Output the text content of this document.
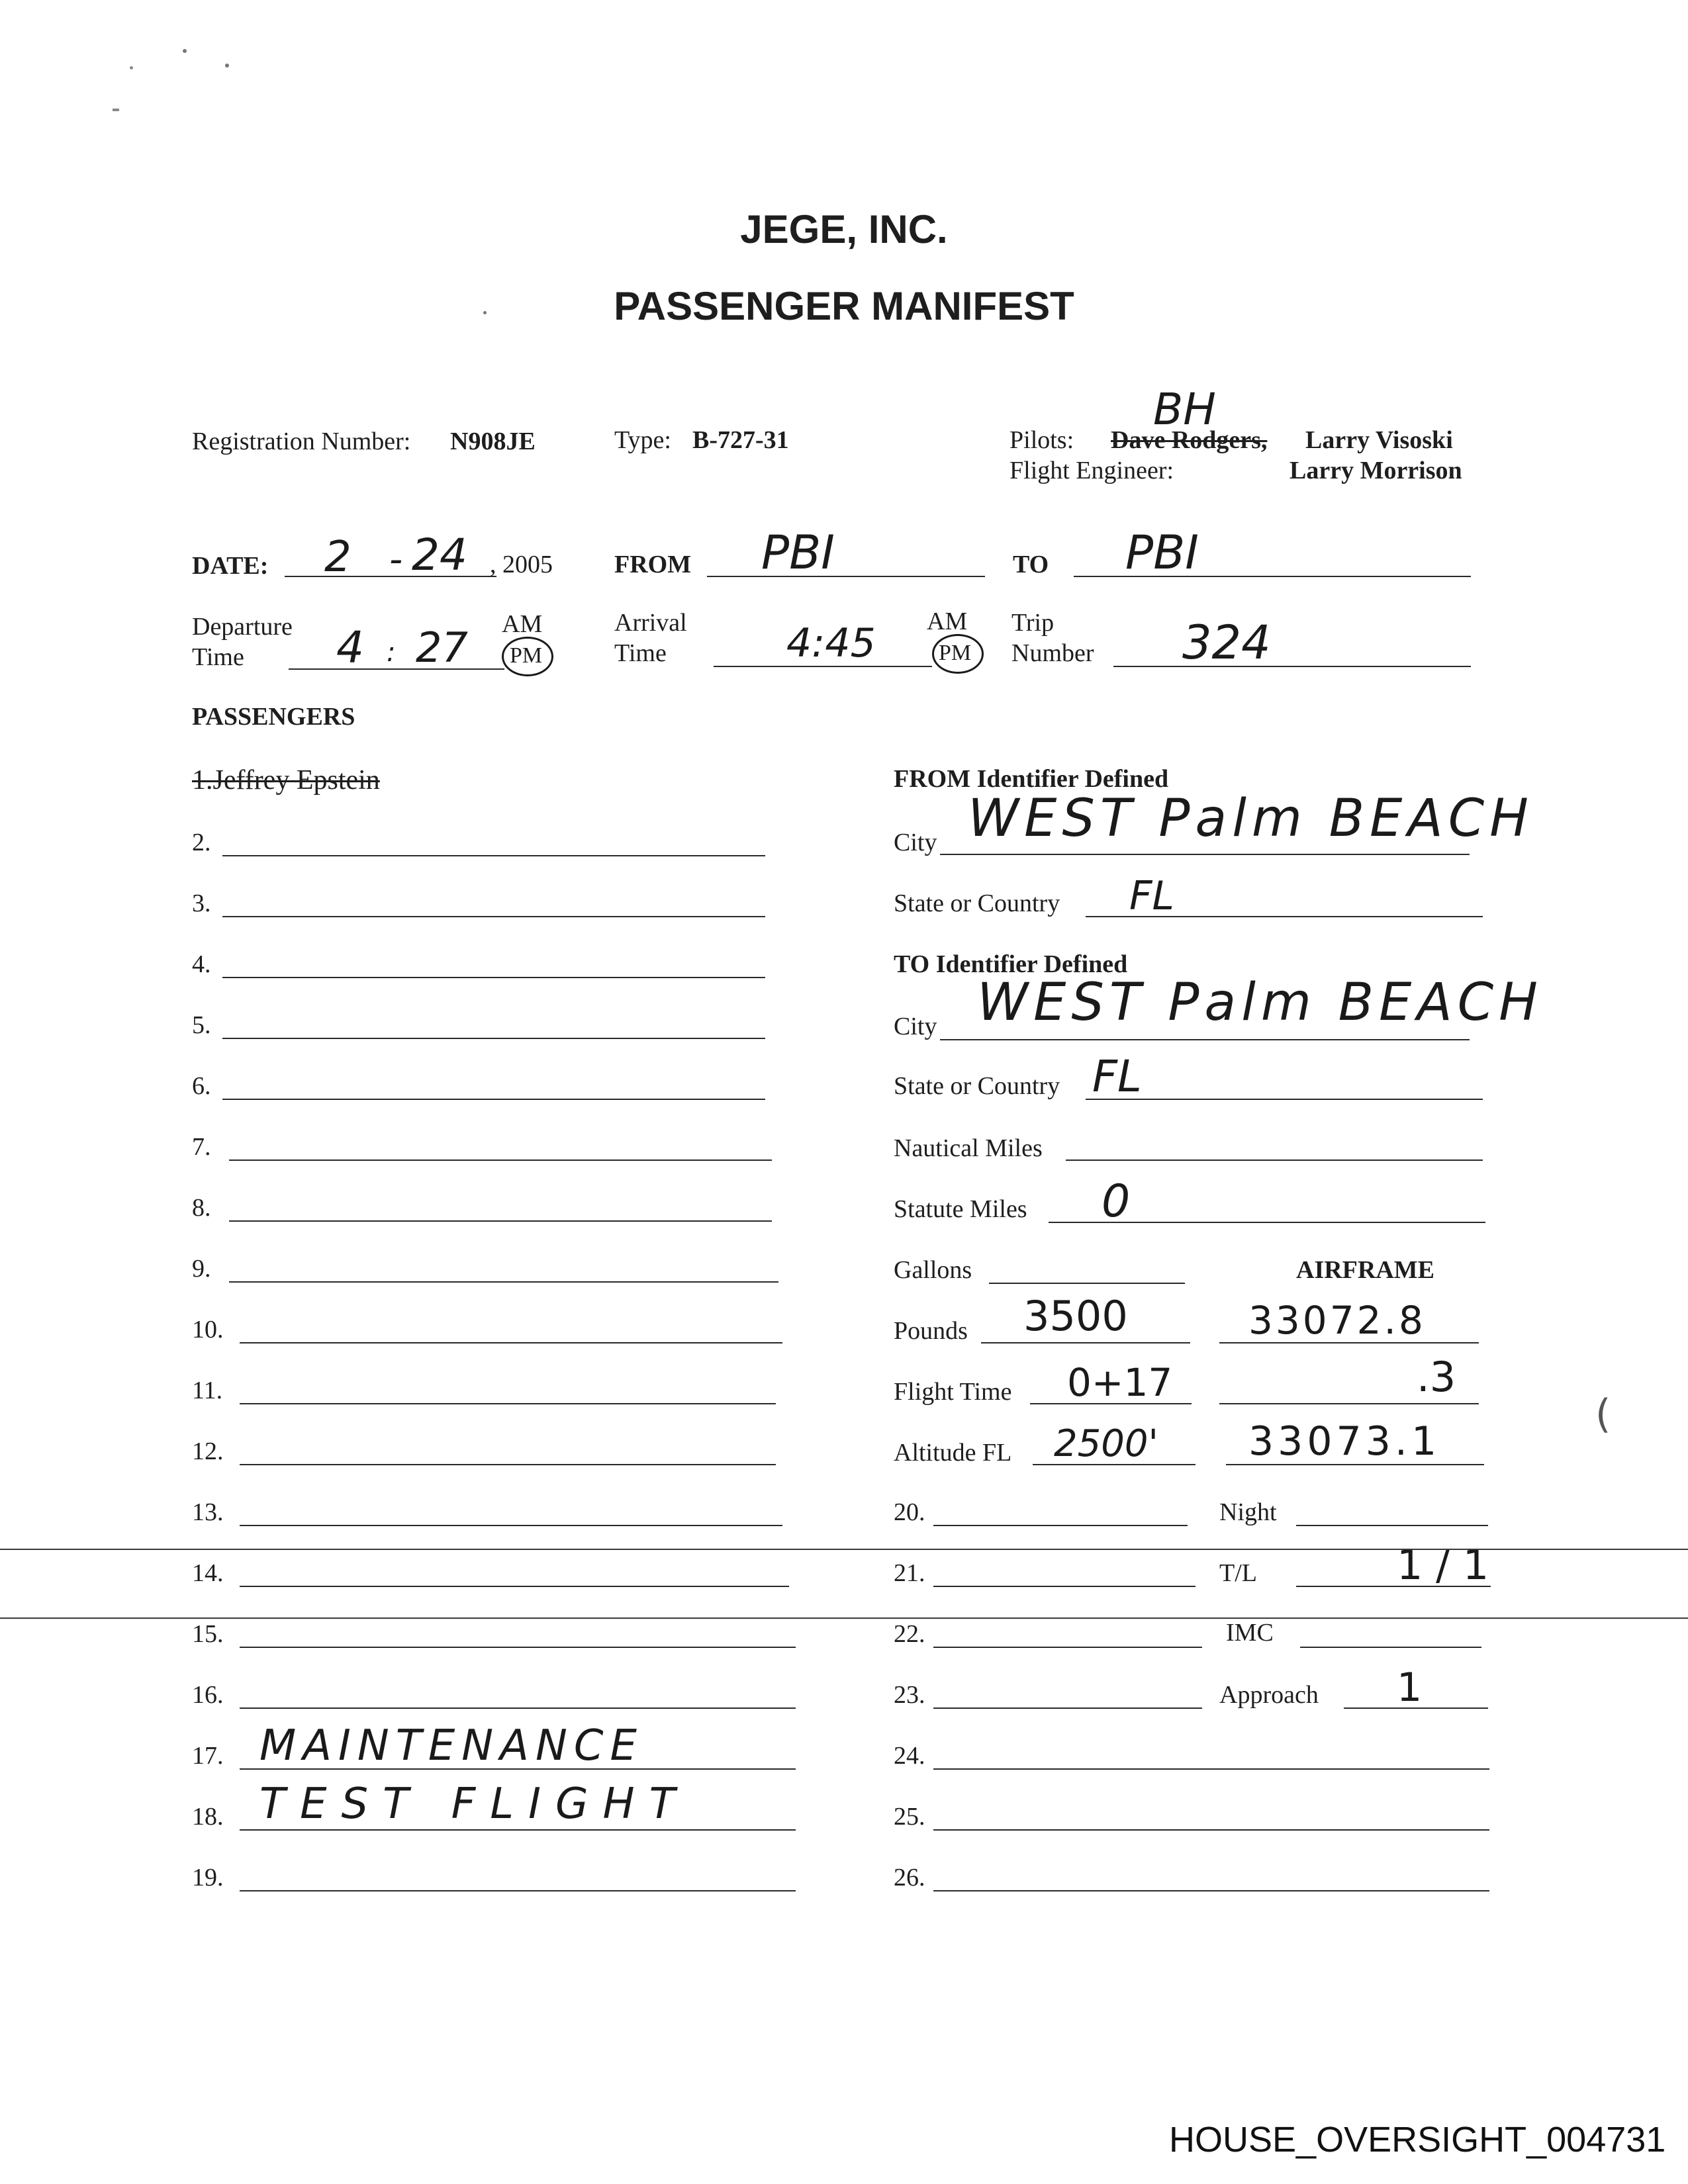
JEGE, INC.
PASSENGER MANIFEST
Registration Number: N908JE	Type: B-727-31	Pilots: Dave Rodgers,
BH
Larry Visoski
Flight Engineer:	Larry Morrison
DATE: 2 - 24 , 2005 FROM PBI	TO PBI
Departure
Time 4 : 27 AM
PM
Arrival
Time	4:45 AM
PM
Trip
Number 324
PASSENGERS
1.Jeffrey Epstein
2.
3.
4.
5.
6.
7.
8.
9.
10.
11.
12.
13.
14.
15.
16.
17. MAINTENANCE
18. TEST FLIGHT
19.
FROM Identifier Defined
City WEST Palm BEACH
State or Country FL
TO Identifier Defined
City WEST Palm BEACH
State or Country FL
Nautical Miles
Statute Miles 0
Gallons	AIRFRAME
Pounds 3500	33072.8
Flight Time 0+17	.3
Altitude FL 2500' 33073.1
20.	Night
21.	T/L	1 / 1
22.	IMC
23.	Approach 1
24.
25.
26.
(
HOUSE_OVERSIGHT_004731
